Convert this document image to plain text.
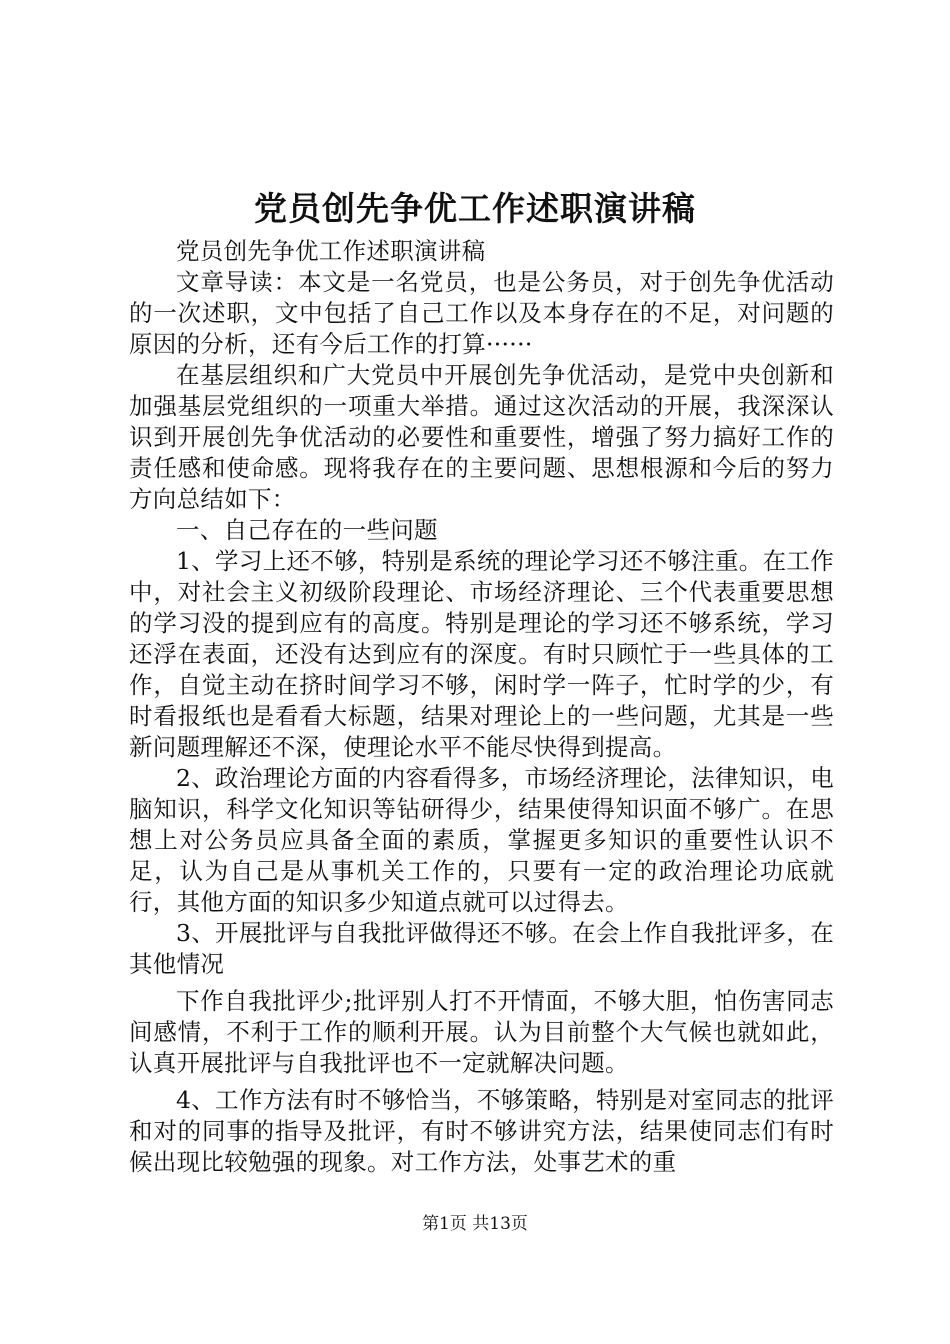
党员创先争优工作述职演讲稿

党员创先争优工作述职演讲稿

文章导读：本文是一名党员，也是公务员，对于创先争优活动的一次述职，文中包括了自己工作以及本身存在的不足，对问题的原因的分析，还有今后工作的打算······

在基层组织和广大党员中开展创先争优活动，是党中央创新和加强基层党组织的一项重大举措。通过这次活动的开展，我深深认识到开展创先争优活动的必要性和重要性，增强了努力搞好工作的责任感和使命感。现将我存在的主要问题、思想根源和今后的努力方向总结如下：

一、自己存在的一些问题

1、学习上还不够，特别是系统的理论学习还不够注重。在工作中，对社会主义初级阶段理论、市场经济理论、三个代表重要思想的学习没的提到应有的高度。特别是理论的学习还不够系统，学习还浮在表面，还没有达到应有的深度。有时只顾忙于一些具体的工作，自觉主动在挤时间学习不够，闲时学一阵子，忙时学的少，有时看报纸也是看看大标题，结果对理论上的一些问题，尤其是一些新问题理解还不深，使理论水平不能尽快得到提高。

2、政治理论方面的内容看得多，市场经济理论，法律知识，电脑知识，科学文化知识等钻研得少，结果使得知识面不够广。在思想上对公务员应具备全面的素质，掌握更多知识的重要性认识不足，认为自己是从事机关工作的，只要有一定的政治理论功底就行，其他方面的知识多少知道点就可以过得去。

3、开展批评与自我批评做得还不够。在会上作自我批评多，在其他情况

下作自我批评少;批评别人打不开情面，不够大胆，怕伤害同志间感情，不利于工作的顺利开展。认为目前整个大气候也就如此，认真开展批评与自我批评也不一定就解决问题。

4、工作方法有时不够恰当，不够策略，特别是对室同志的批评和对的同事的指导及批评，有时不够讲究方法，结果使同志们有时候出现比较勉强的现象。对工作方法，处事艺术的重

第1页 共13页
